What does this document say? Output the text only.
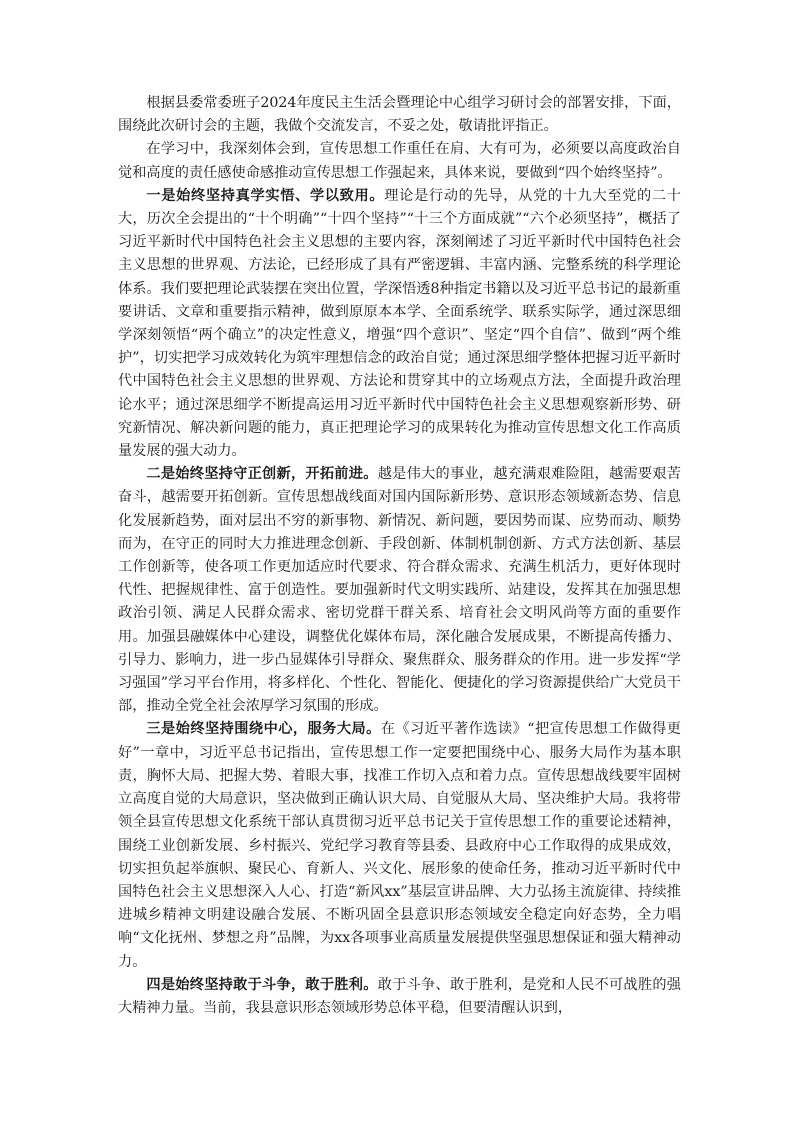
根据县委常委班子2024年度民主生活会暨理论中心组学习研讨会的部署安排，下面，围绕此次研讨会的主题，我做个交流发言，不妥之处，敬请批评指正。

在学习中，我深刻体会到，宣传思想工作重任在肩、大有可为，必须要以高度政治自觉和高度的责任感使命感推动宣传思想工作强起来，具体来说，要做到“四个始终坚持”。

一是始终坚持真学实悟、学以致用。理论是行动的先导，从党的十九大至党的二十大，历次全会提出的“十个明确”“十四个坚持”“十三个方面成就”“六个必须坚持”，概括了习近平新时代中国特色社会主义思想的主要内容，深刻阐述了习近平新时代中国特色社会主义思想的世界观、方法论，已经形成了具有严密逻辑、丰富内涵、完整系统的科学理论体系。我们要把理论武装摆在突出位置，学深悟透8种指定书籍以及习近平总书记的最新重要讲话、文章和重要指示精神，做到原原本本学、全面系统学、联系实际学，通过深思细学深刻领悟“两个确立”的决定性意义，增强“四个意识”、坚定“四个自信”、做到“两个维护”，切实把学习成效转化为筑牢理想信念的政治自觉；通过深思细学整体把握习近平新时代中国特色社会主义思想的世界观、方法论和贯穿其中的立场观点方法，全面提升政治理论水平；通过深思细学不断提高运用习近平新时代中国特色社会主义思想观察新形势、研究新情况、解决新问题的能力，真正把理论学习的成果转化为推动宣传思想文化工作高质量发展的强大动力。

二是始终坚持守正创新，开拓前进。越是伟大的事业，越充满艰难险阻，越需要艰苦奋斗，越需要开拓创新。宣传思想战线面对国内国际新形势、意识形态领域新态势、信息化发展新趋势，面对层出不穷的新事物、新情况、新问题，要因势而谋、应势而动、顺势而为，在守正的同时大力推进理念创新、手段创新、体制机制创新、方式方法创新、基层工作创新等，使各项工作更加适应时代要求、符合群众需求、充满生机活力，更好体现时代性、把握规律性、富于创造性。要加强新时代文明实践所、站建设，发挥其在加强思想政治引领、满足人民群众需求、密切党群干群关系、培育社会文明风尚等方面的重要作用。加强县融媒体中心建设，调整优化媒体布局，深化融合发展成果，不断提高传播力、引导力、影响力，进一步凸显媒体引导群众、聚焦群众、服务群众的作用。进一步发挥“学习强国”学习平台作用，将多样化、个性化、智能化、便捷化的学习资源提供给广大党员干部，推动全党全社会浓厚学习氛围的形成。

三是始终坚持围绕中心，服务大局。在《习近平著作选读》“把宣传思想工作做得更好”一章中，习近平总书记指出，宣传思想工作一定要把围绕中心、服务大局作为基本职责，胸怀大局、把握大势、着眼大事，找准工作切入点和着力点。宣传思想战线要牢固树立高度自觉的大局意识，坚决做到正确认识大局、自觉服从大局、坚决维护大局。我将带领全县宣传思想文化系统干部认真贯彻习近平总书记关于宣传思想工作的重要论述精神，围绕工业创新发展、乡村振兴、党纪学习教育等县委、县政府中心工作取得的成果成效，切实担负起举旗帜、聚民心、育新人、兴文化、展形象的使命任务，推动习近平新时代中国特色社会主义思想深入人心、打造“新风xx”基层宣讲品牌、大力弘扬主流旋律、持续推进城乡精神文明建设融合发展、不断巩固全县意识形态领域安全稳定向好态势，全力唱响“文化抚州、梦想之舟”品牌，为xx各项事业高质量发展提供坚强思想保证和强大精神动力。

四是始终坚持敢于斗争，敢于胜利。敢于斗争、敢于胜利，是党和人民不可战胜的强大精神力量。当前，我县意识形态领域形势总体平稳，但要清醒认识到，
